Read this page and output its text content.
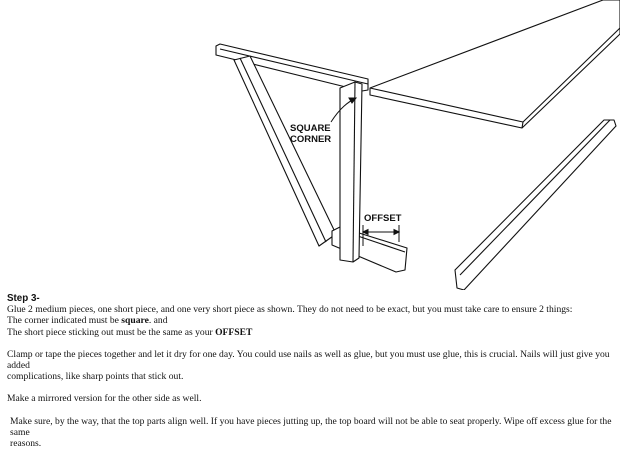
SQUARE
CORNER
OFFSET

Step 3-

Glue 2 medium pieces, one short piece, and one very short piece as shown. They do not need to be exact, but you must take care to ensure 2 things:

The corner indicated must be square. and

The short piece sticking out must be the same as your OFFSET

Clamp or tape the pieces together and let it dry for one day. You could use nails as well as glue, but you must use glue, this is crucial. Nails will just give you added

complications, like sharp points that stick out.

Make a mirrored version for the other side as well.

Make sure, by the way, that the top parts align well. If you have pieces jutting up, the top board will not be able to seat properly. Wipe off excess glue for the same

reasons.
